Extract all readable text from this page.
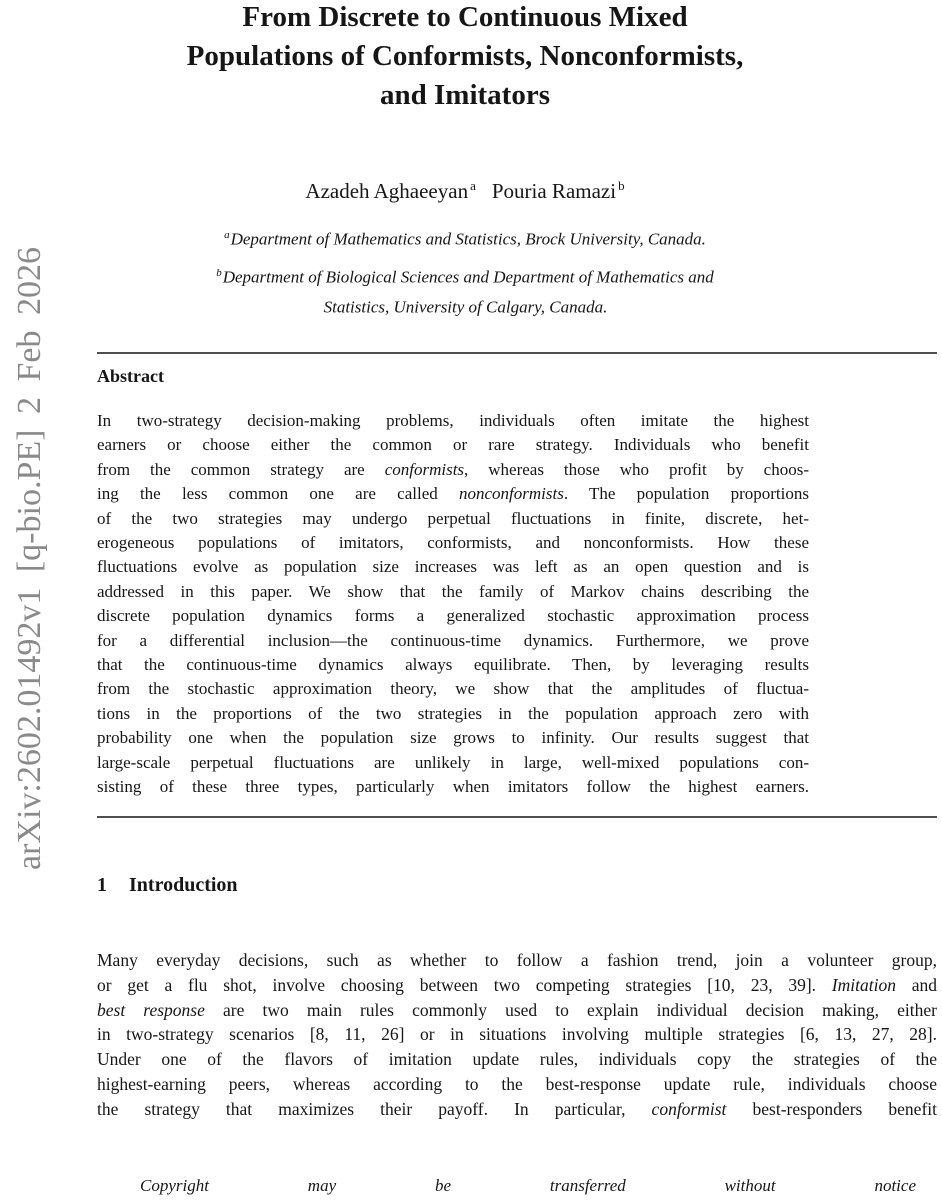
arXiv:2602.01492v1 [q-bio.PE] 2 Feb 2026
From Discrete to Continuous Mixed
Populations of Conformists, Nonconformists,
and Imitators
Azadeh Aghaeeyan $^a$ Pouria Ramazi $^b$
$^a$Department of Mathematics and Statistics, Brock University, Canada.
$^b$Department of Biological Sciences and Department of Mathematics and
Statistics, University of Calgary, Canada.
Abstract
In two-strategy decision-making problems, individuals often imitate the highest
earners or choose either the common or rare strategy. Individuals who benefit
from the common strategy are conformists, whereas those who profit by choos-
ing the less common one are called nonconformists. The population proportions
of the two strategies may undergo perpetual fluctuations in finite, discrete, het-
erogeneous populations of imitators, conformists, and nonconformists. How these
fluctuations evolve as population size increases was left as an open question and is
addressed in this paper. We show that the family of Markov chains describing the
discrete population dynamics forms a generalized stochastic approximation process
for a differential inclusion—the continuous-time dynamics. Furthermore, we prove
that the continuous-time dynamics always equilibrate. Then, by leveraging results
from the stochastic approximation theory, we show that the amplitudes of fluctua-
tions in the proportions of the two strategies in the population approach zero with
probability one when the population size grows to infinity. Our results suggest that
large-scale perpetual fluctuations are unlikely in large, well-mixed populations con-
sisting of these three types, particularly when imitators follow the highest earners.
1 Introduction
Many everyday decisions, such as whether to follow a fashion trend, join a volunteer group,
or get a flu shot, involve choosing between two competing strategies [10, 23, 39]. Imitation and
best response are two main rules commonly used to explain individual decision making, either
in two-strategy scenarios [8, 11, 26] or in situations involving multiple strategies [6, 13, 27, 28].
Under one of the flavors of imitation update rules, individuals copy the strategies of the
highest-earning peers, whereas according to the best-response update rule, individuals choose
the strategy that maximizes their payoff. In particular, conformist best-responders benefit
Copyright may be transferred without notice
